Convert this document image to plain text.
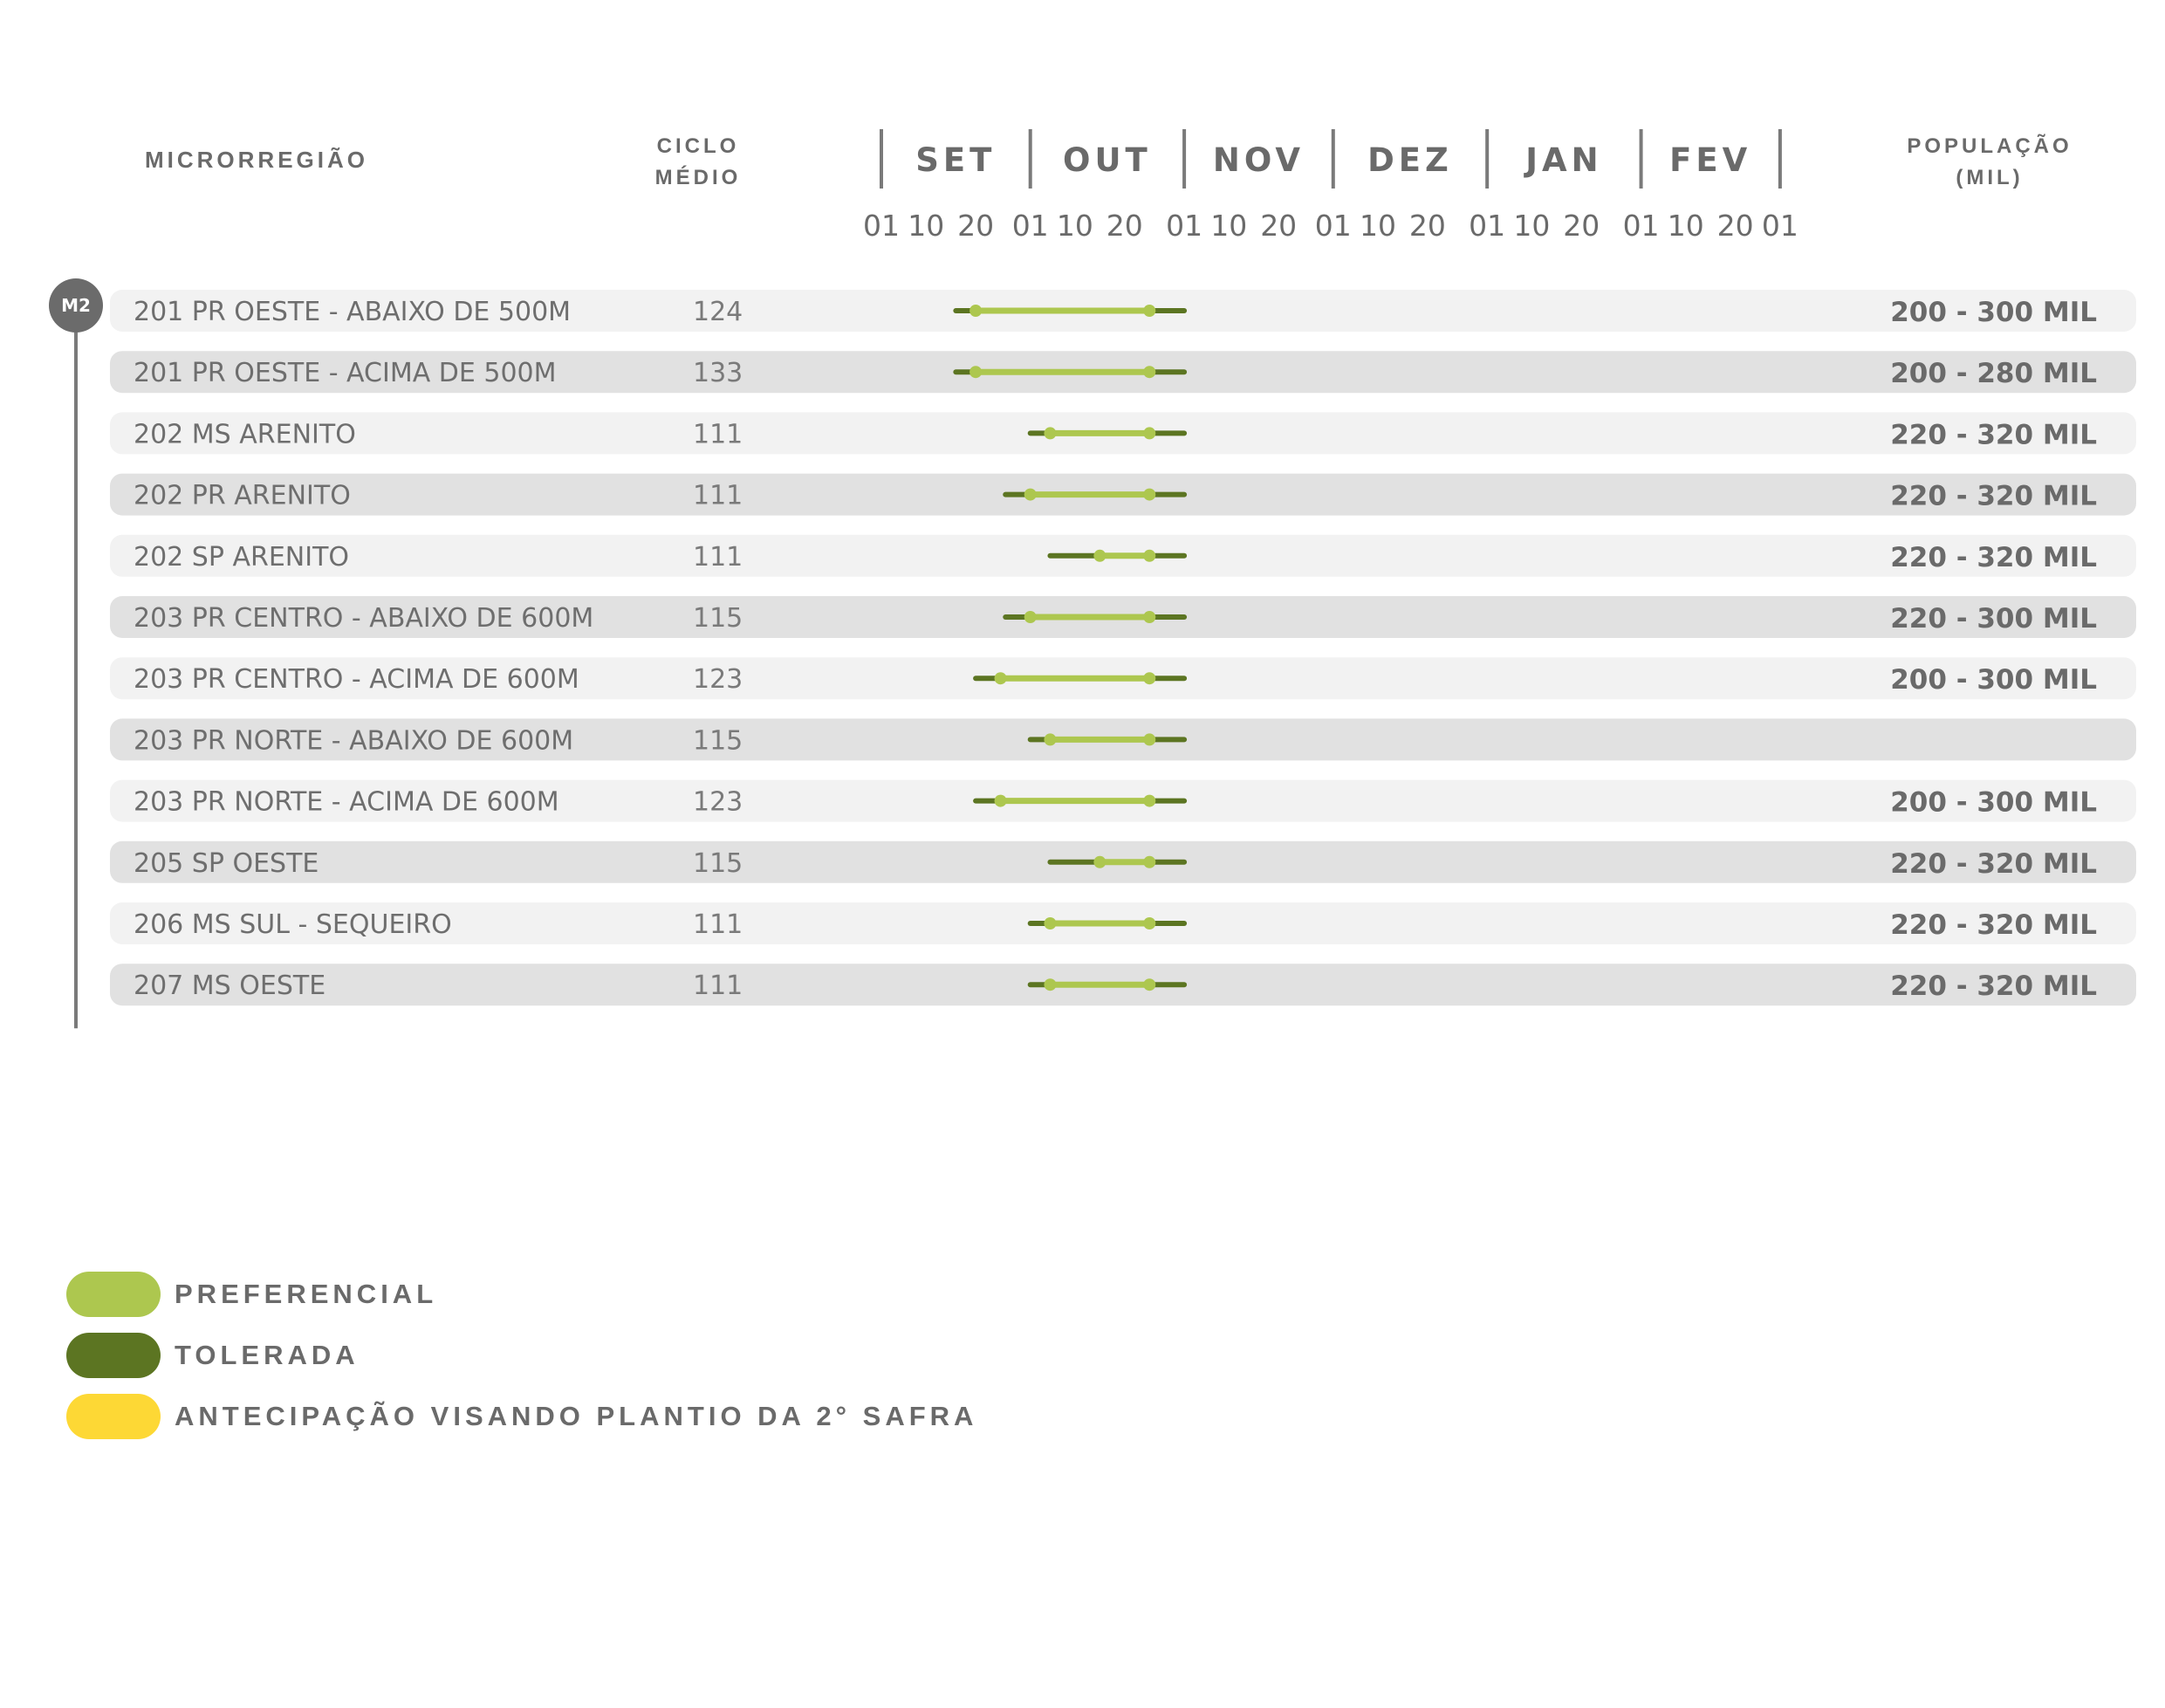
MICRORREGIÃO
CICLO
MÉDIO
POPULAÇÃO
(MIL)
SET OUT NOV DEZ JAN FEV
01 10 20 01 10 20 01 10 20 01 10 20 01 10 20 01 10 20 01
M2 201 PR OESTE - ABAIXO DE 500M	124	200 - 300 MIL
201 PR OESTE - ACIMA DE 500M	133	200 - 280 MIL
202 MS ARENITO	111	220 - 320 MIL
202 PR ARENITO	111	220 - 320 MIL
202 SP ARENITO	111	220 - 320 MIL
203 PR CENTRO - ABAIXO DE 600M	115	220 - 300 MIL
203 PR CENTRO - ACIMA DE 600M	123	200 - 300 MIL
203 PR NORTE - ABAIXO DE 600M	115
203 PR NORTE - ACIMA DE 600M	123	200 - 300 MIL
205 SP OESTE	115	220 - 320 MIL
206 MS SUL - SEQUEIRO	111	220 - 320 MIL
207 MS OESTE	111	220 - 320 MIL
PREFERENCIAL
TOLERADA
ANTECIPAÇÃO VISANDO PLANTIO DA 2° SAFRA
